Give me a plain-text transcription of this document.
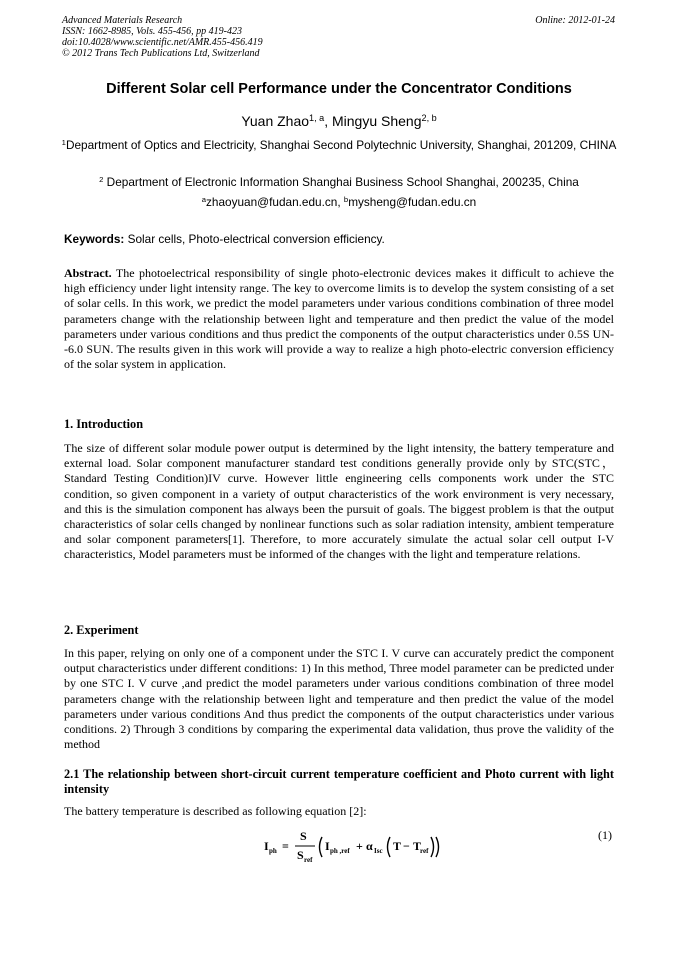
Advanced Materials Research
ISSN: 1662-8985, Vols. 455-456, pp 419-423
doi:10.4028/www.scientific.net/AMR.455-456.419
© 2012 Trans Tech Publications Ltd, Switzerland
Online: 2012-01-24
Different Solar cell Performance under the Concentrator Conditions
Yuan Zhao$^{1, a}$, Mingyu Sheng$^{2, b}$
$^1$Department of Optics and Electricity, Shanghai Second Polytechnic University, Shanghai, 201209, CHINA
$^2$ Department of Electronic Information Shanghai Business School Shanghai, 200235, China
$^a$zhaoyuan@fudan.edu.cn, $^b$mysheng@fudan.edu.cn
Keywords: Solar cells, Photo-electrical conversion efficiency.
Abstract. The photoelectrical responsibility of single photo-electronic devices makes it difficult to achieve the high efficiency under light intensity range. The key to overcome limits is to develop the system consisting of a set of solar cells. In this work, we predict the model parameters under various conditions combination of three model parameters change with the relationship between light and temperature and then predict the value of the model parameters under various conditions and thus predict the components of the output characteristics under 0.5S UN--6.0 SUN. The results given in this work will provide a way to realize a high photo-electric conversion efficiency of the solar system in application.
1. Introduction
The size of different solar module power output is determined by the light intensity, the battery temperature and external load. Solar component manufacturer standard test conditions generally provide only by STC(STC，Standard Testing Condition)IV curve. However little engineering cells components work under the STC condition, so given component in a variety of output characteristics of the work environment is very necessary, and this is the simulation component has always been the pursuit of goals. The biggest problem is that the output characteristics of solar cells changed by nonlinear functions such as solar radiation intensity, ambient temperature and solar component parameters[1]. Therefore, to more accurately simulate the actual solar cell output I-V characteristics, Model parameters must be informed of the changes with the light and temperature relations.
2. Experiment
In this paper, relying on only one of a component under the STC I. V curve can accurately predict the component output characteristics under different conditions: 1) In this method, Three model parameter can be predicted under by one STC I. V curve ,and predict the model parameters under various conditions combination of three model parameters change with the relationship between light and temperature and then predict the value of the model parameters under various conditions And thus predict the components of the output characteristics under various conditions. 2) Through 3 conditions by comparing the experimental data validation, thus prove the validity of the method
2.1 The relationship between short-circuit current temperature coefficient and Photo current with light intensity
The battery temperature is described as following equation [2]:
I ph =
S
S ref
I ph ,ref + α Isc T − T
ref
(1)
